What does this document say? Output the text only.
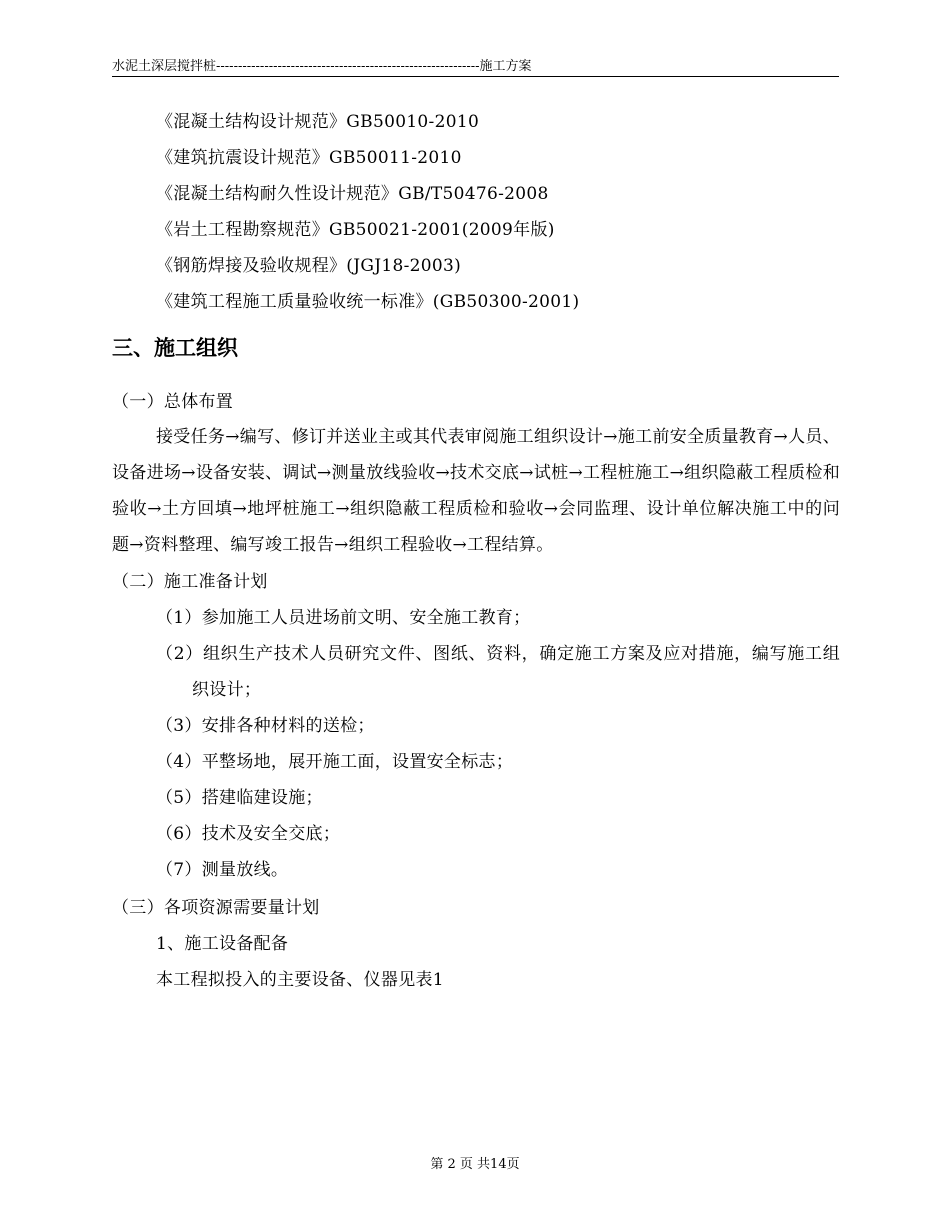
水泥土深层搅拌桩------------------------------------------------------------施工方案
《混凝土结构设计规范》GB50010-2010
《建筑抗震设计规范》GB50011-2010
《混凝土结构耐久性设计规范》GB/T50476-2008
《岩土工程勘察规范》GB50021-2001(2009年版)
《钢筋焊接及验收规程》(JGJ18-2003)
《建筑工程施工质量验收统一标准》(GB50300-2001)
三、施工组织
（一）总体布置
接受任务→编写、修订并送业主或其代表审阅施工组织设计→施工前安全质量教育→人员、设备进场→设备安装、调试→测量放线验收→技术交底→试桩→工程桩施工→组织隐蔽工程质检和验收→土方回填→地坪桩施工→组织隐蔽工程质检和验收→会同监理、设计单位解决施工中的问题→资料整理、编写竣工报告→组织工程验收→工程结算。
（二）施工准备计划
（1）参加施工人员进场前文明、安全施工教育；
（2）组织生产技术人员研究文件、图纸、资料，确定施工方案及应对措施，编写施工组织设计；
（3）安排各种材料的送检；
（4）平整场地，展开施工面，设置安全标志；
（5）搭建临建设施；
（6）技术及安全交底；
（7）测量放线。
（三）各项资源需要量计划
1、施工设备配备
本工程拟投入的主要设备、仪器见表1
第 2 页 共14页
